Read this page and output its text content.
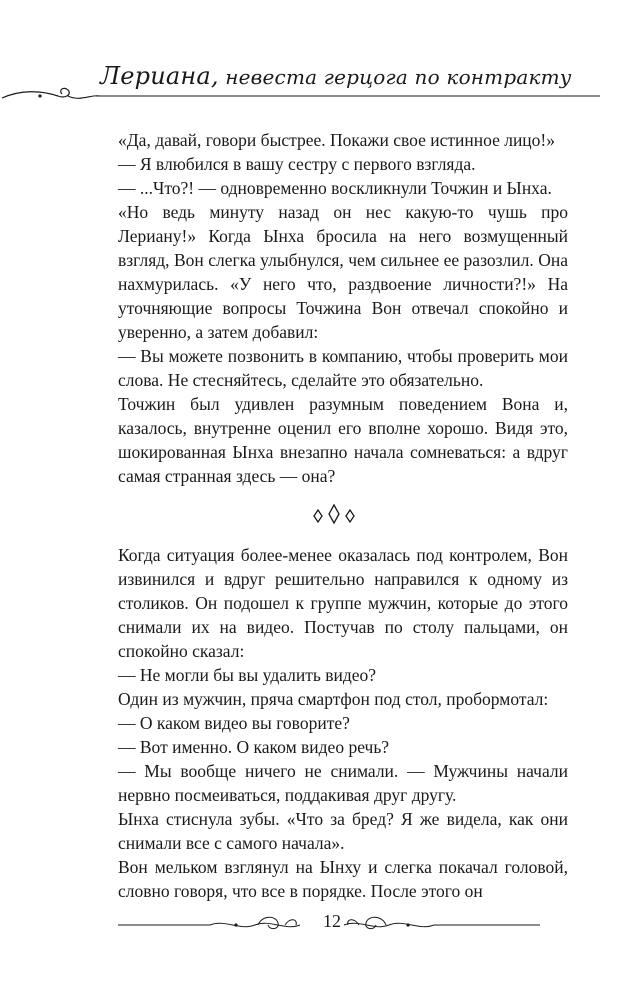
Лериана, невеста герцога по контракту

«Да, давай, говори быстрее. Покажи свое истинное лицо!»

— Я влюбился в вашу сестру с первого взгляда.

— ...Что?! — одновременно воскликнули Точжин и Ынха.

«Но ведь минуту назад он нес какую-то чушь про Лериану!» Когда Ынха бросила на него возмущенный взгляд, Вон слегка улыбнулся, чем сильнее ее разозлил. Она нахмурилась. «У него что, раздвоение личности?!» На уточняющие вопросы Точжина Вон отвечал спокойно и уверенно, а затем добавил:

— Вы можете позвонить в компанию, чтобы проверить мои слова. Не стесняйтесь, сделайте это обязательно.

Точжин был удивлен разумным поведением Вона и, казалось, внутренне оценил его вполне хорошо. Видя это, шокированная Ынха внезапно начала сомневаться: а вдруг самая странная здесь — она?

Когда ситуация более-менее оказалась под контролем, Вон извинился и вдруг решительно направился к одному из столиков. Он подошел к группе мужчин, которые до этого снимали их на видео. Постучав по столу пальцами, он спокойно сказал:

— Не могли бы вы удалить видео?

Один из мужчин, пряча смартфон под стол, пробормотал:

— О каком видео вы говорите?

— Вот именно. О каком видео речь?

— Мы вообще ничего не снимали. — Мужчины начали нервно посмеиваться, поддакивая друг другу.

Ынха стиснула зубы. «Что за бред? Я же видела, как они снимали все с самого начала».

Вон мельком взглянул на Ынху и слегка покачал головой, словно говоря, что все в порядке. После этого он

12
